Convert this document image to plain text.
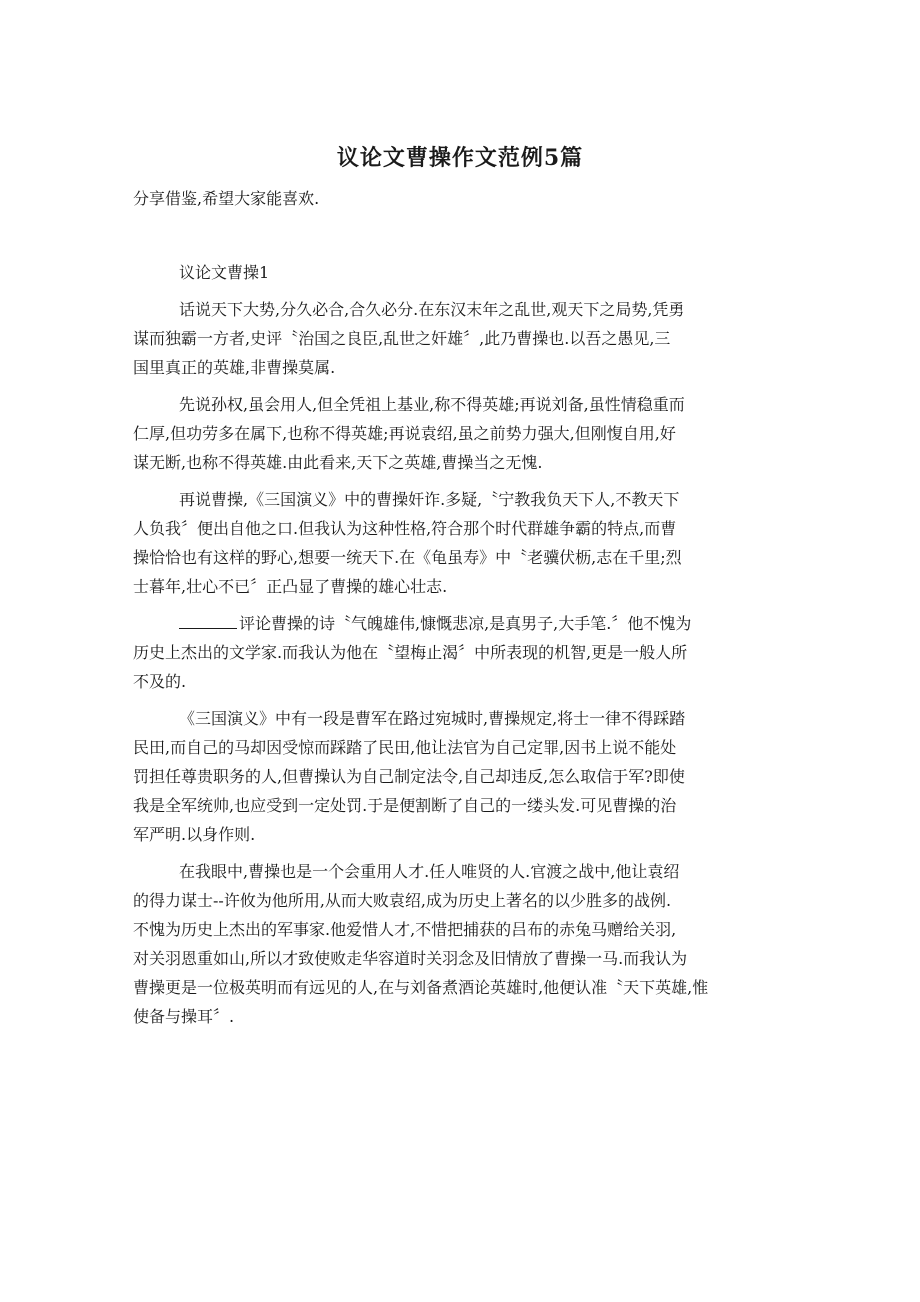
议论文曹操作文范例5篇

分享借鉴,希望大家能喜欢.

议论文曹操1

话说天下大势,分久必合,合久必分.在东汉末年之乱世,观天下之局势,凭勇
谋而独霸一方者,史评〝治国之良臣,乱世之奸雄〞,此乃曹操也.以吾之愚见,三
国里真正的英雄,非曹操莫属.

先说孙权,虽会用人,但全凭祖上基业,称不得英雄;再说刘备,虽性情稳重而
仁厚,但功劳多在属下,也称不得英雄;再说袁绍,虽之前势力强大,但刚愎自用,好
谋无断,也称不得英雄.由此看来,天下之英雄,曹操当之无愧.

再说曹操,《三国演义》中的曹操奸诈.多疑,〝宁教我负天下人,不教天下
人负我〞便出自他之口.但我认为这种性格,符合那个时代群雄争霸的特点,而曹
操恰恰也有这样的野心,想要一统天下.在《龟虽寿》中〝老骥伏枥,志在千里;烈
士暮年,壮心不已〞正凸显了曹操的雄心壮志.

评论曹操的诗〝气魄雄伟,慷慨悲凉,是真男子,大手笔.〞他不愧为
历史上杰出的文学家.而我认为他在〝望梅止渴〞中所表现的机智,更是一般人所
不及的.

《三国演义》中有一段是曹军在路过宛城时,曹操规定,将士一律不得踩踏
民田,而自己的马却因受惊而踩踏了民田,他让法官为自己定罪,因书上说不能处
罚担任尊贵职务的人,但曹操认为自己制定法令,自己却违反,怎么取信于军?即使
我是全军统帅,也应受到一定处罚.于是便割断了自己的一缕头发.可见曹操的治
军严明.以身作则.

在我眼中,曹操也是一个会重用人才.任人唯贤的人.官渡之战中,他让袁绍
的得力谋士--许攸为他所用,从而大败袁绍,成为历史上著名的以少胜多的战例.
不愧为历史上杰出的军事家.他爱惜人才,不惜把捕获的吕布的赤兔马赠给关羽,
对关羽恩重如山,所以才致使败走华容道时关羽念及旧情放了曹操一马.而我认为
曹操更是一位极英明而有远见的人,在与刘备煮酒论英雄时,他便认准〝天下英雄,惟
使备与操耳〞.
